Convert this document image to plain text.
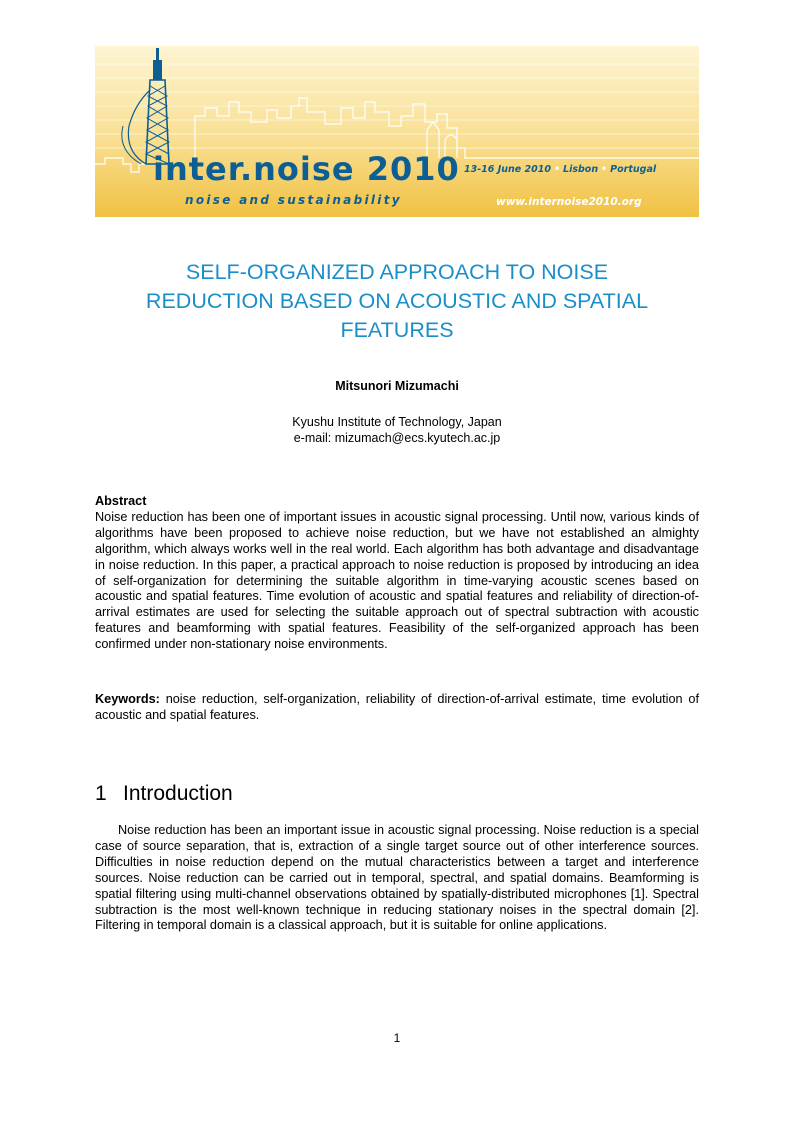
inter.noise 2010
noise and sustainability
13-16 June 2010 • Lisbon • Portugal
www.internoise2010.org
SELF-ORGANIZED APPROACH TO NOISE
REDUCTION BASED ON ACOUSTIC AND SPATIAL
FEATURES

Mitsunori Mizumachi

Kyushu Institute of Technology, Japan
e-mail: mizumach@ecs.kyutech.ac.jp

Abstract

Noise reduction has been one of important issues in acoustic signal processing. Until now, various kinds of algorithms have been proposed to achieve noise reduction, but we have not established an almighty algorithm, which always works well in the real world. Each algorithm has both advantage and disadvantage in noise reduction. In this paper, a practical approach to noise reduction is proposed by introducing an idea of self-organization for determining the suitable algorithm in time-varying acoustic scenes based on acoustic and spatial features. Time evolution of acoustic and spatial features and reliability of direction-of-arrival estimates are used for selecting the suitable approach out of spectral subtraction with acoustic features and beamforming with spatial features. Feasibility of the self-organized approach has been confirmed under non-stationary noise environments.

Keywords: noise reduction, self-organization, reliability of direction-of-arrival estimate, time evolution of acoustic and spatial features.

1 Introduction

Noise reduction has been an important issue in acoustic signal processing. Noise reduction is a special case of source separation, that is, extraction of a single target source out of other interference sources. Difficulties in noise reduction depend on the mutual characteristics between a target and interference sources. Noise reduction can be carried out in temporal, spectral, and spatial domains. Beamforming is spatial filtering using multi-channel observations obtained by spatially-distributed microphones [1]. Spectral subtraction is the most well-known technique in reducing stationary noises in the spectral domain [2]. Filtering in temporal domain is a classical approach, but it is suitable for online applications.

1
